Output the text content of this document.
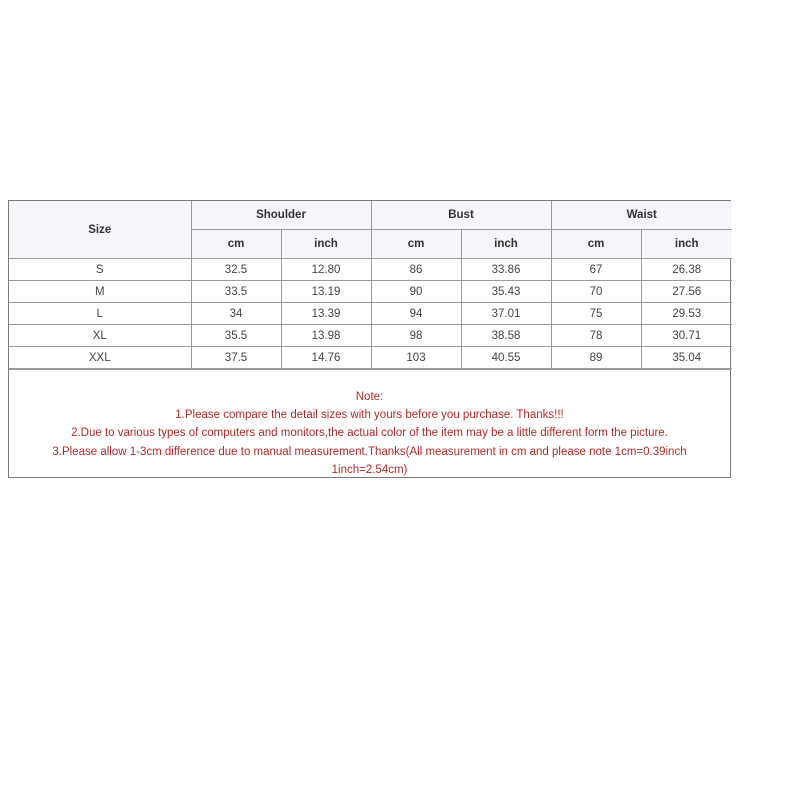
Size	Shoulder		Bust		Waist	
	cm	inch	cm	inch	cm	inch
S	32.5	12.80	86	33.86	67	26.38
M	33.5	13.19	90	35.43	70	27.56
L	34	13.39	94	37.01	75	29.53
XL	35.5	13.98	98	38.58	78	30.71
XXL	37.5	14.76	103	40.55	89	35.04
Note:
1.Please compare the detail sizes with yours before you purchase. Thanks!!!
2.Due to various types of computers and monitors,the actual color of the item may be a little different form the picture.
3.Please allow 1-3cm difference due to manual measurement.Thanks(All measurement in cm and please note 1cm=0.39inch 1inch=2.54cm)
